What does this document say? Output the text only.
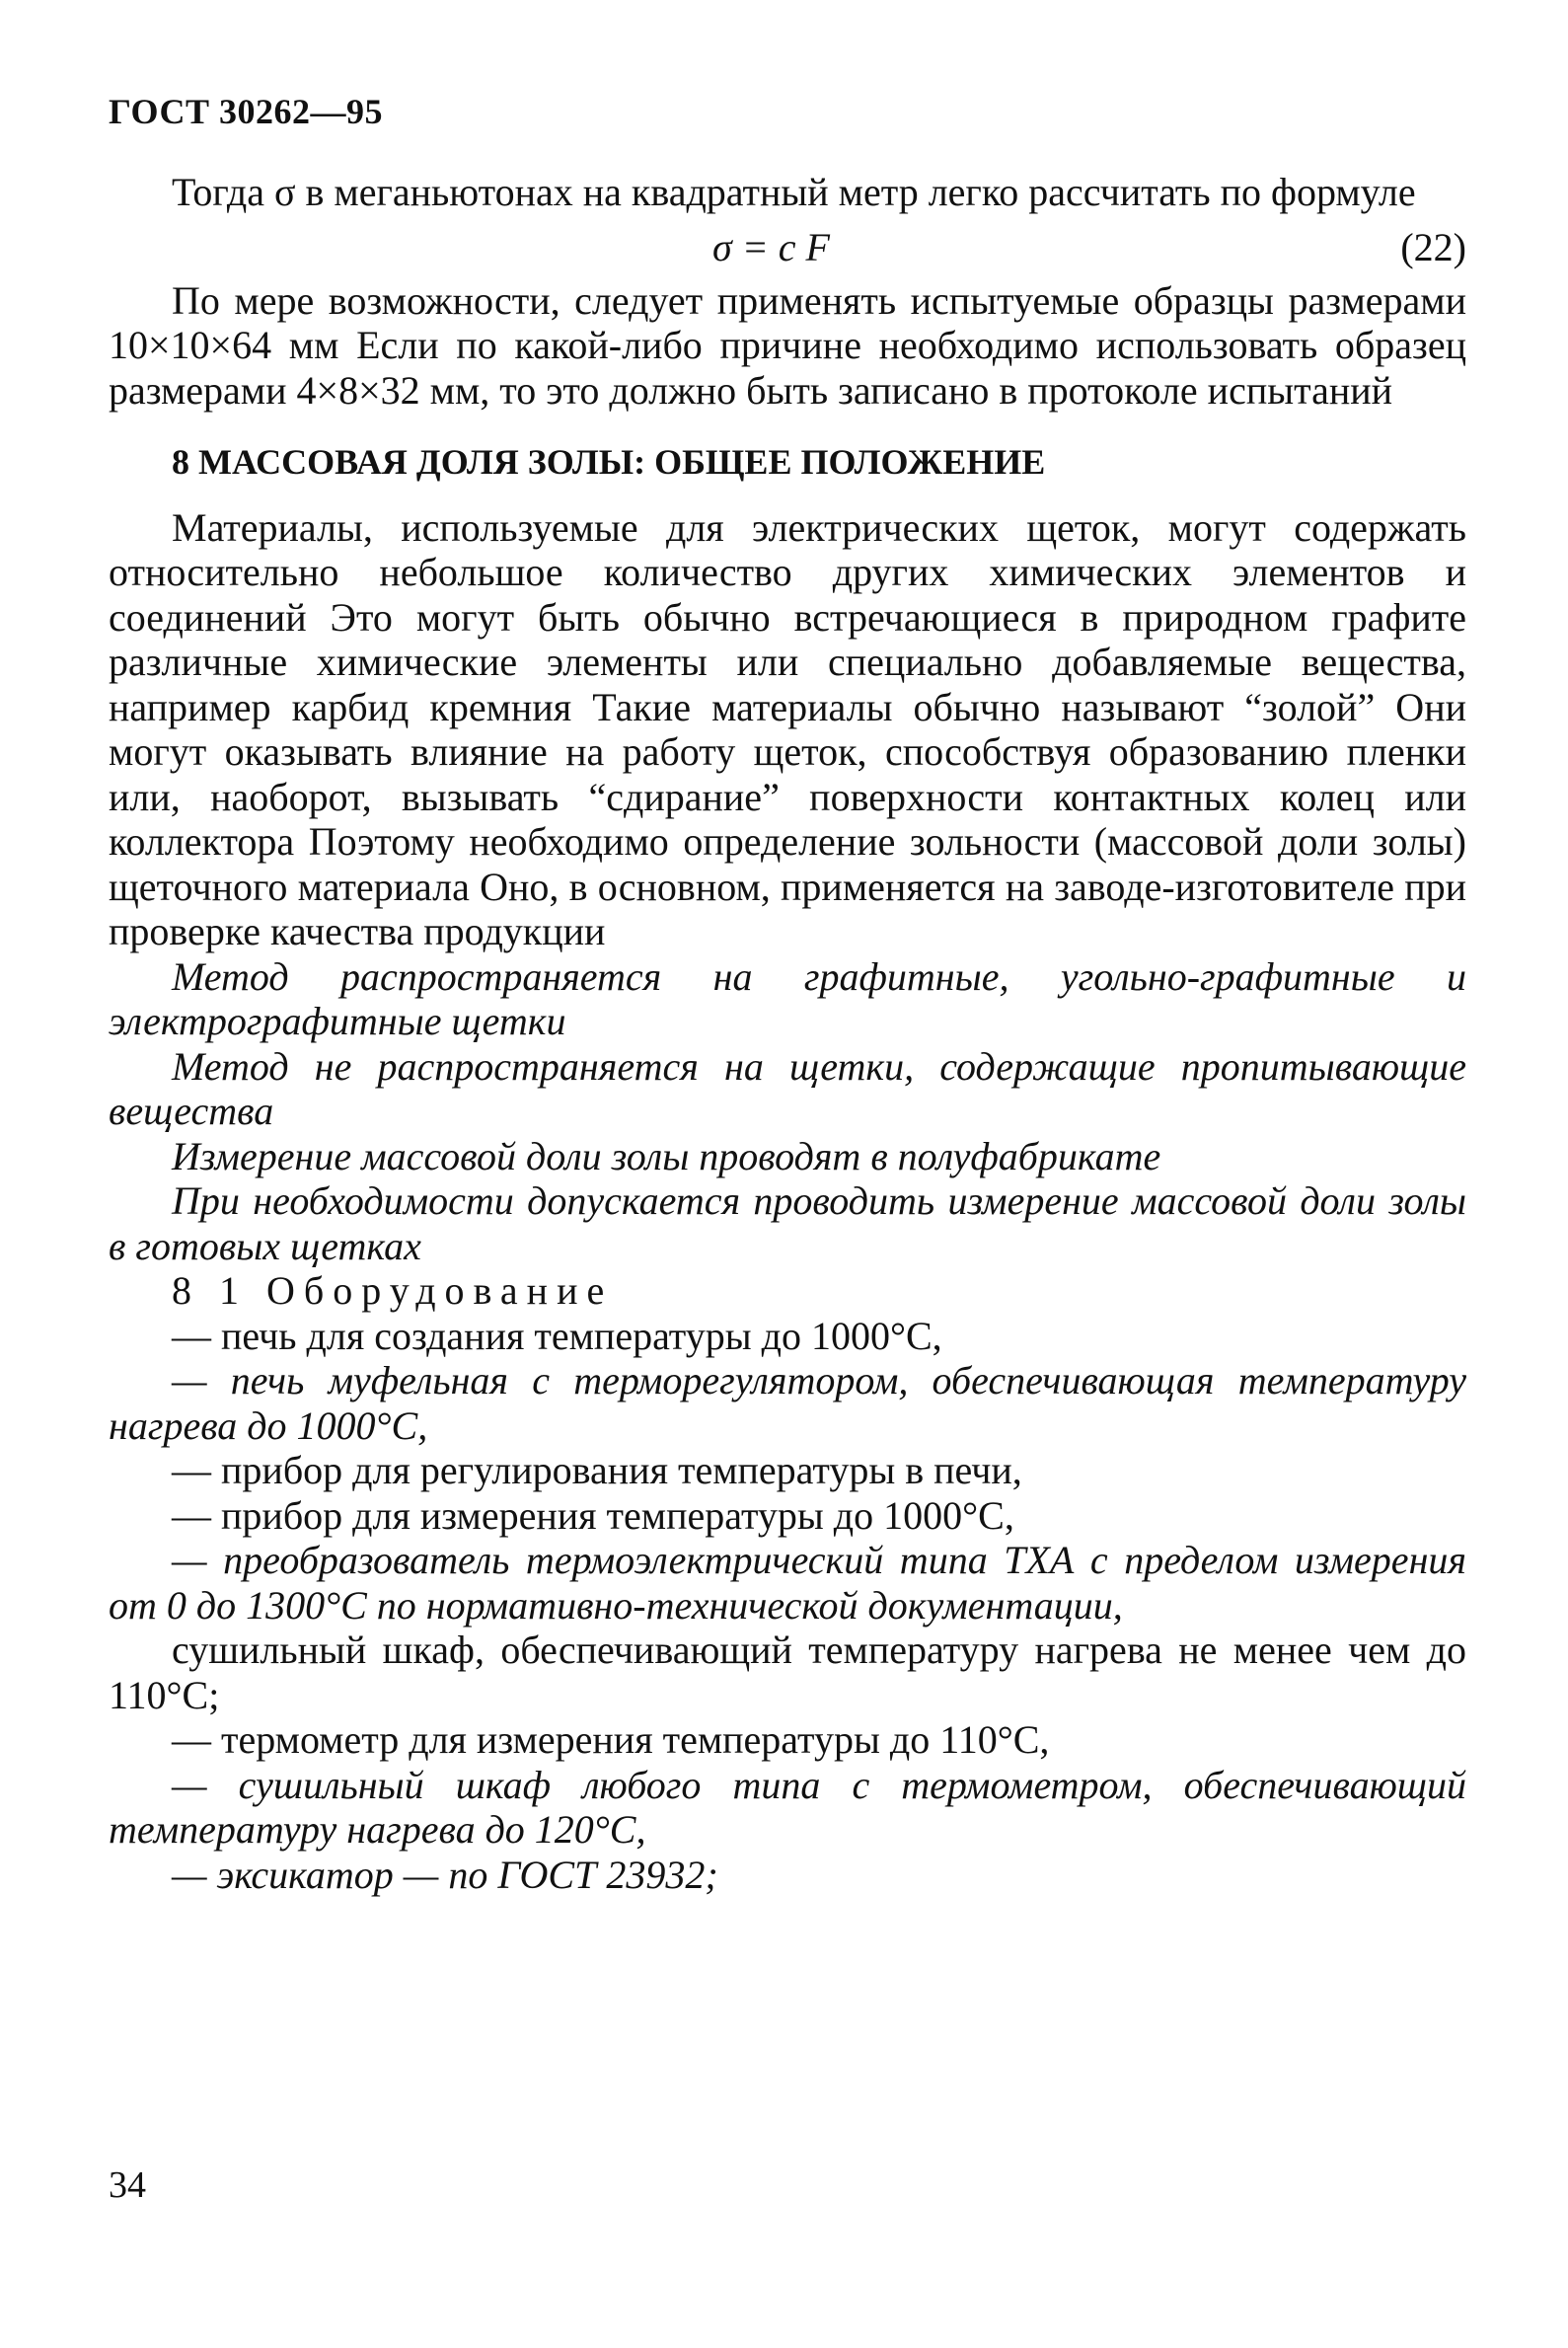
ГОСТ 30262—95

Тогда σ в меганьютонах на квадратный метр легко рассчитать по формуле

σ = c F	(22)

По мере возможности, следует применять испытуемые образцы размерами 10×10×64 мм Если по какой-либо причине необходимо использовать образец размерами 4×8×32 мм, то это должно быть записано в протоколе испытаний

8 МАССОВАЯ ДОЛЯ ЗОЛЫ: ОБЩЕЕ ПОЛОЖЕНИЕ

Материалы, используемые для электрических щеток, могут содержать относительно небольшое количество других химических элементов и соединений Это могут быть обычно встречающиеся в природном графите различные химические элементы или специально добавляемые вещества, например карбид кремния Такие материалы обычно называют “золой” Они могут оказывать влияние на работу щеток, способствуя образованию пленки или, наоборот, вызывать “сдирание” поверхности контактных колец или коллектора Поэтому необходимо определение зольности (массовой доли золы) щеточного материала Оно, в основном, применяется на заводе-изготовителе при проверке качества продукции

Метод распространяется на графитные, угольно-графитные и электрографитные щетки

Метод не распространяется на щетки, содержащие пропитывающие вещества

Измерение массовой доли золы проводят в полуфабрикате

При необходимости допускается проводить измерение массовой доли золы в готовых щетках

8 1 Оборудование

— печь для создания температуры до 1000°С,

— печь муфельная с терморегулятором, обеспечивающая температуру нагрева до 1000°С,

— прибор для регулирования температуры в печи,

— прибор для измерения температуры до 1000°С,

— преобразователь термоэлектрический типа ТХА с пределом измерения от 0 до 1300°С по нормативно-технической документации,

сушильный шкаф, обеспечивающий температуру нагрева не менее чем до 110°С;

— термометр для измерения температуры до 110°С,

— сушильный шкаф любого типа с термометром, обеспечивающий температуру нагрева до 120°С,

— эксикатор — по ГОСТ 23932;

34
